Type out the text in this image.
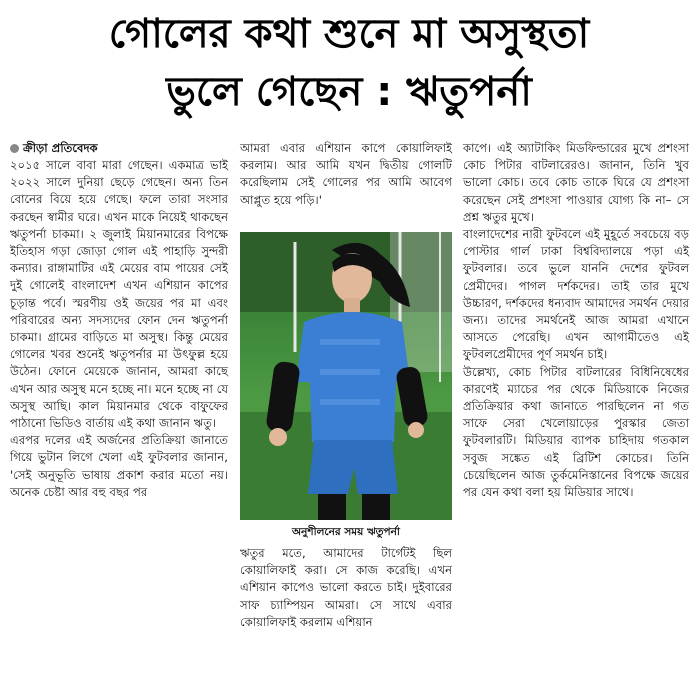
গোলের কথা শুনে মা অসুস্থতা
ভুলে গেছেন : ঋতুপর্না
ক্রীড়া প্রতিবেদক

২০১৫ সালে বাবা মারা গেছেন। একমাত্র ভাই ২০২২ সালে দুনিয়া ছেড়ে গেছেন। অন্য তিন বোনের বিয়ে হয়ে গেছে। ফলে তারা সংসার করছেন স্বামীর ঘরে। এখন মাকে নিয়েই থাকছেন ঋতুপর্না চাকমা। ২ জুলাই মিয়ানমারের বিপক্ষে ইতিহাস গড়া জোড়া গোল এই পাহাড়ি সুন্দরী কন্যার। রাঙ্গামাটির এই মেয়ের বাম পায়ের সেই দুই গোলেই বাংলাদেশ এখন এশিয়ান কাপের চূড়ান্ত পর্বে। স্মরণীয় ওই জয়ের পর মা এবং পরিবারের অন্য সদস্যদের ফোন দেন ঋতুপর্না চাকমা। গ্রামের বাড়িতে মা অসুস্থ। কিন্তু মেয়ের গোলের খবর শুনেই ঋতুপর্নার মা উৎফুল্ল হয়ে উঠেন। ফোনে মেয়েকে জানান, আমরা কাছে এখন আর অসুস্থ মনে হচ্ছে না। মনে হচ্ছে না যে অসুস্থ আছি। কাল মিয়ানমার থেকে বাফুফের পাঠানো ভিডিও বার্তায় এই কথা জানান ঋতু।

এরপর দলের এই অর্জনের প্রতিক্রিয়া জানাতে গিয়ে ভুটান লিগে খেলা এই ফুটবলার জানান, 'সেই অনুভূতি ভাষায় প্রকাশ করার মতো নয়। অনেক চেষ্টা আর বহু বছর পর

আমরা এবার এশিয়ান কাপে কোয়ালিফাই করলাম। আর আমি যখন দ্বিতীয় গোলটি করেছিলাম সেই গোলের পর আমি আবেগ আপ্লুত হয়ে পড়ি।'

অনুশীলনের সময় ঋতুপর্না

ঋতুর মতে, আমাদের টার্গেটই ছিল কোয়ালিফাই করা। সে কাজ করেছি। এখন এশিয়ান কাপেও ভালো করতে চাই। দুইবারের সাফ চ্যাম্পিয়ন আমরা। সে সাথে এবার কোয়ালিফাই করলাম এশিয়ান

কাপে। এই অ্যাটাকিং মিডফিল্ডারের মুখে প্রশংসা কোচ পিটার বাটলারেরও। জানান, তিনি খুব ভালো কোচ। তবে কোচ তাকে ঘিরে যে প্রশংসা করেছেন সেই প্রশংসা পাওয়ার যোগ্য কি না– সে প্রশ্ন ঋতুর মুখে।

বাংলাদেশের নারী ফুটবলে এই মুহূর্তে সবচেয়ে বড় পোস্টার গার্ল ঢাকা বিশ্ববিদ্যালয়ে পড়া এই ফুটবলার। তবে ভুলে যাননি দেশের ফুটবল প্রেমীদের। পাগল দর্শকদের। তাই তার মুখে উচ্চারণ, দর্শকদের ধন্যবাদ আমাদের সমর্থন দেয়ার জন্য। তাদের সমর্থনেই আজ আমরা এখানে আসতে পেরেছি। এখন আগামীতেও এই ফুটবলপ্রেমীদের পূর্ণ সমর্থন চাই।

উল্লেখ্য, কোচ পিটার বাটলারের বিধিনিষেধের কারণেই ম্যাচের পর থেকে মিডিয়াকে নিজের প্রতিক্রিয়ার কথা জানাতে পারছিলেন না গত সাফে সেরা খেলোয়াড়ের পুরস্কার জেতা ফুটবলারটি। মিডিয়ার ব্যাপক চাহিদায় গতকাল সবুজ সঙ্কেত এই ব্রিটিশ কোচের। তিনি চেয়েছিলেন আজ তুর্কমেনিস্তানের বিপক্ষে জয়ের পর যেন কথা বলা হয় মিডিয়ার সাথে।
